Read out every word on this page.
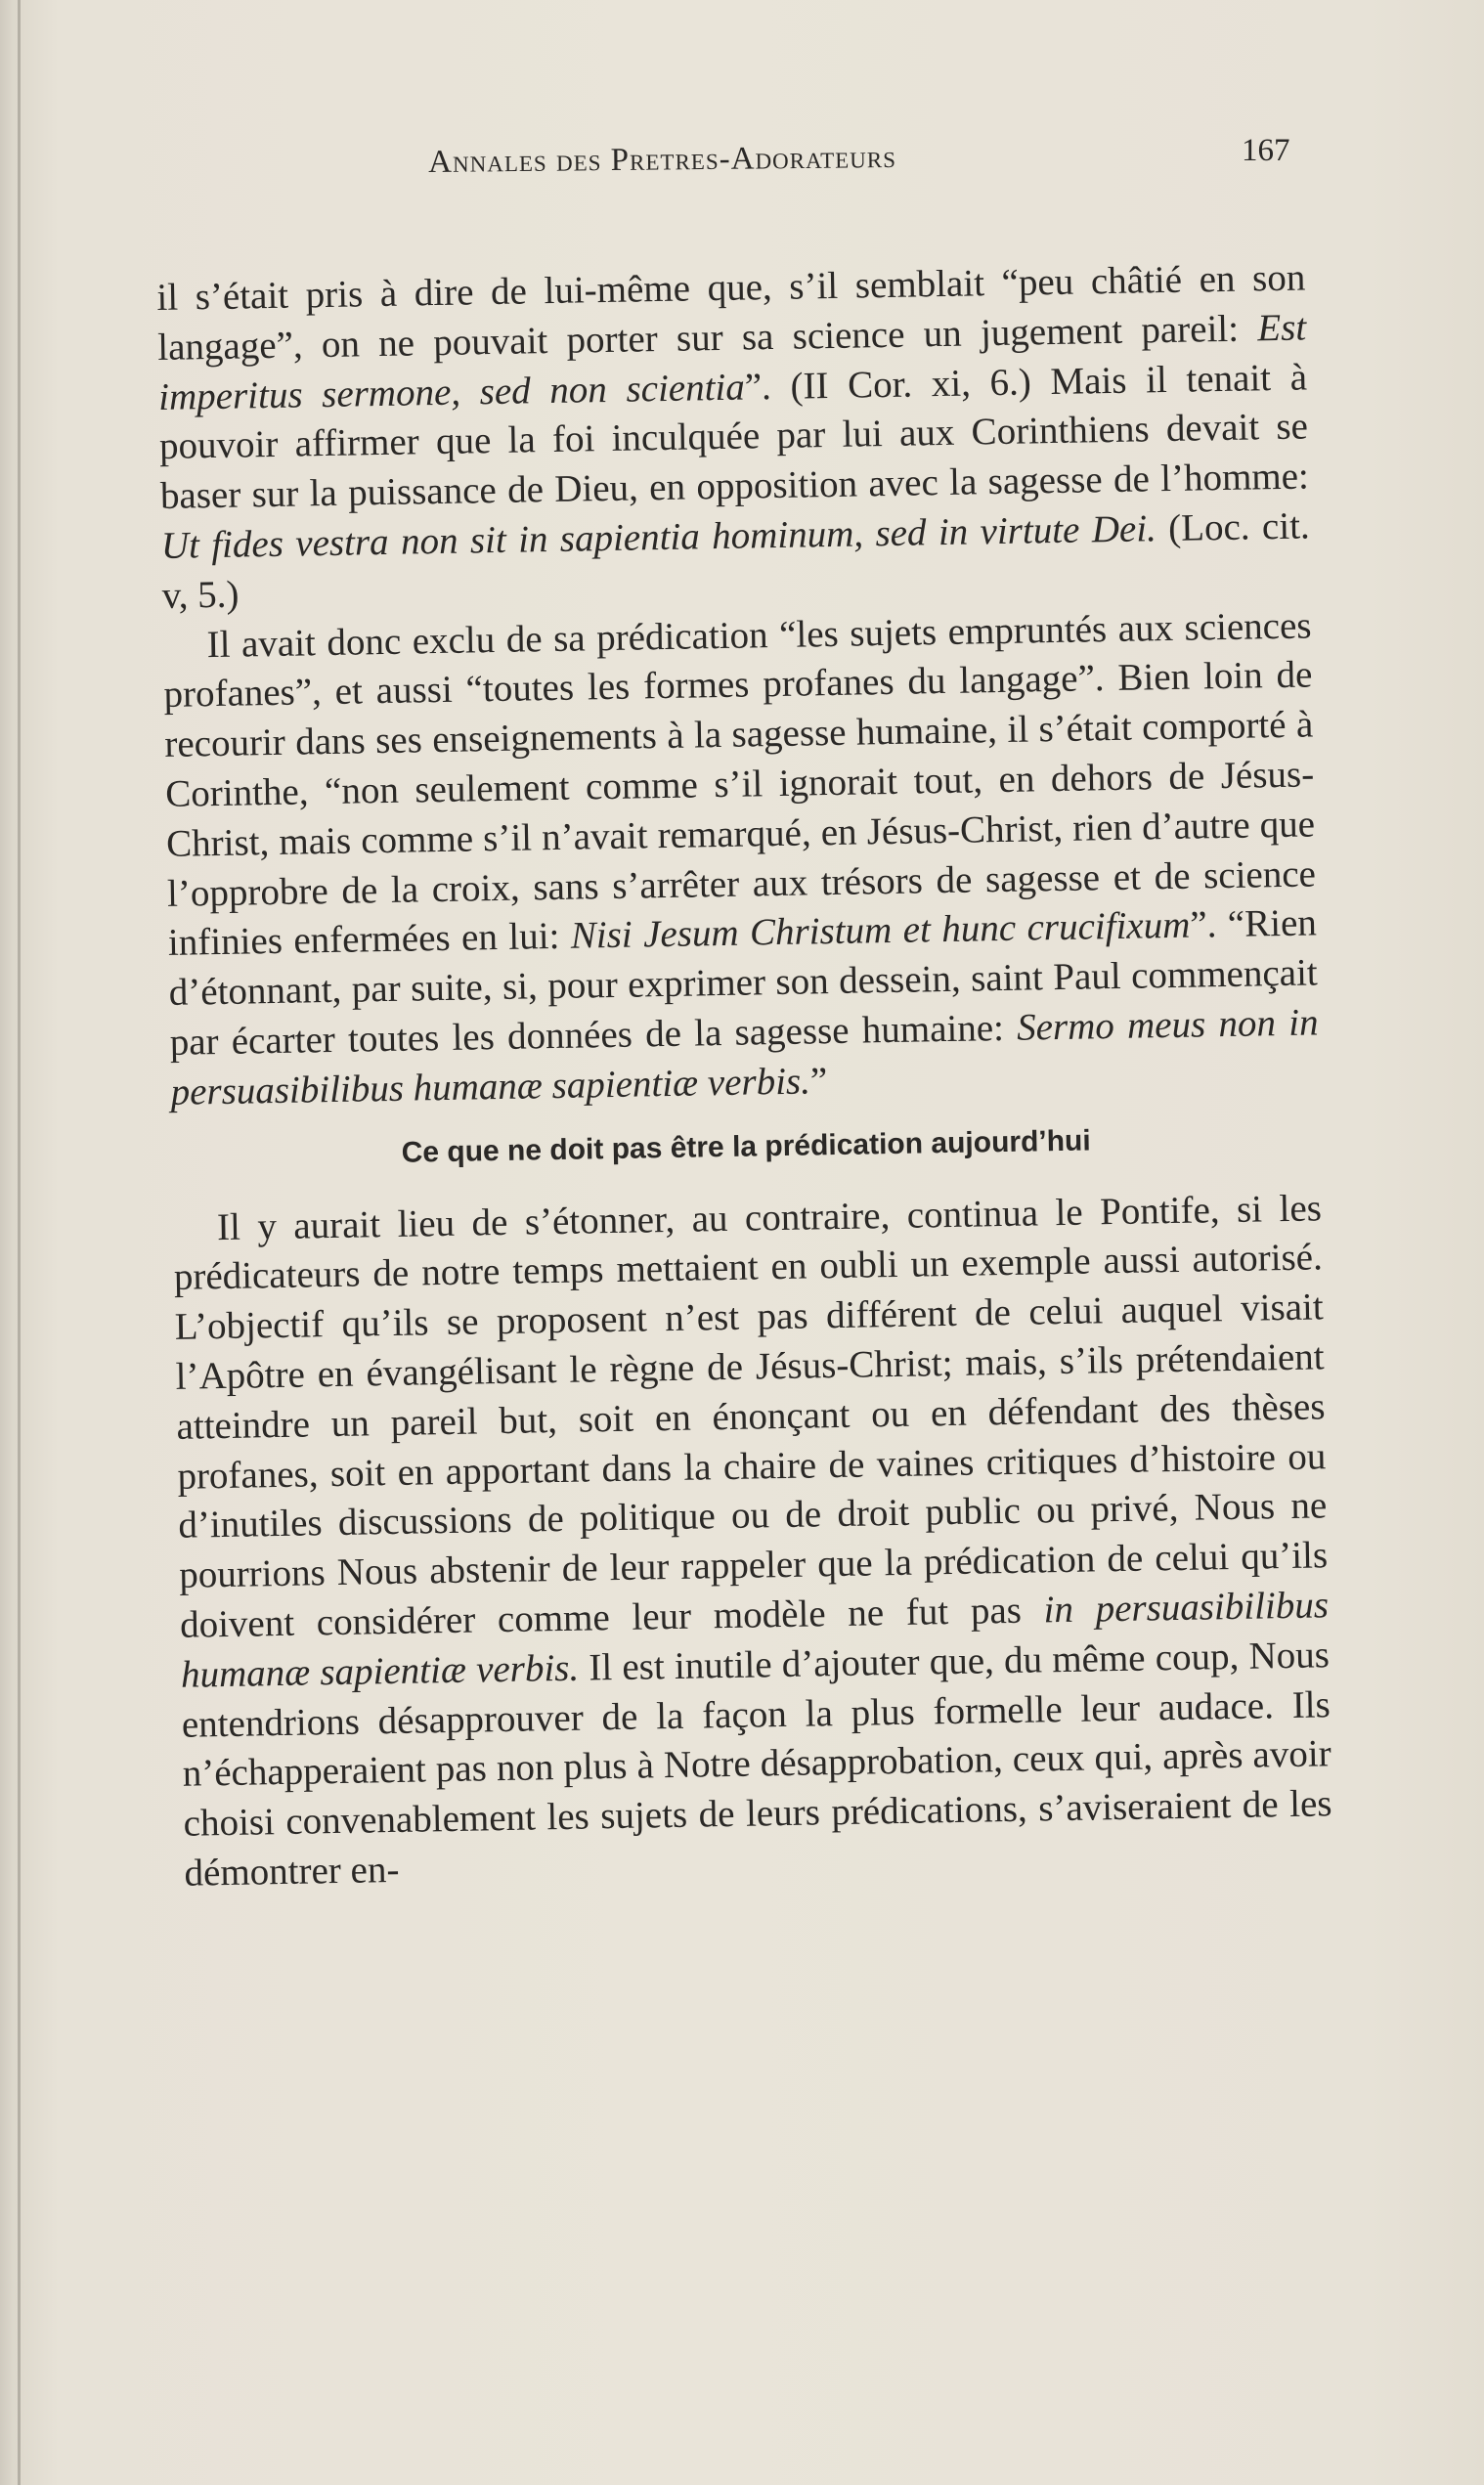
Annales des Pretres-Adorateurs	167

il s’était pris à dire de lui-même que, s’il semblait “peu châtié en son langage”, on ne pouvait porter sur sa science un jugement pareil: Est imperitus sermone, sed non scientia”. (II Cor. xi, 6.) Mais il tenait à pouvoir affirmer que la foi inculquée par lui aux Corinthiens devait se baser sur la puissance de Dieu, en opposition avec la sagesse de l’homme: Ut fides vestra non sit in sapientia hominum, sed in virtute Dei. (Loc. cit. v, 5.)

Il avait donc exclu de sa prédication “les sujets empruntés aux sciences profanes”, et aussi “toutes les formes profanes du langage”. Bien loin de recourir dans ses enseignements à la sagesse humaine, il s’était comporté à Corinthe, “non seulement comme s’il ignorait tout, en dehors de Jésus-Christ, mais comme s’il n’avait remarqué, en Jésus-Christ, rien d’autre que l’opprobre de la croix, sans s’arrêter aux trésors de sagesse et de science infinies enfermées en lui: Nisi Jesum Christum et hunc crucifixum”. “Rien d’étonnant, par suite, si, pour exprimer son dessein, saint Paul commençait par écarter toutes les données de la sagesse humaine: Sermo meus non in persuasibilibus humanæ sapientiæ verbis.”

Ce que ne doit pas être la prédication aujourd’hui

Il y aurait lieu de s’étonner, au contraire, continua le Pontife, si les prédicateurs de notre temps mettaient en oubli un exemple aussi autorisé. L’objectif qu’ils se proposent n’est pas différent de celui auquel visait l’Apôtre en évangélisant le règne de Jésus-Christ; mais, s’ils prétendaient atteindre un pareil but, soit en énonçant ou en défendant des thèses profanes, soit en apportant dans la chaire de vaines critiques d’histoire ou d’inutiles discussions de politique ou de droit public ou privé, Nous ne pourrions Nous abstenir de leur rappeler que la prédication de celui qu’ils doivent considérer comme leur modèle ne fut pas in persuasibilibus humanæ sapientiæ verbis. Il est inutile d’ajouter que, du même coup, Nous entendrions désapprouver de la façon la plus formelle leur audace. Ils n’échapperaient pas non plus à Notre désapprobation, ceux qui, après avoir choisi convenablement les sujets de leurs prédications, s’aviseraient de les démontrer en-
